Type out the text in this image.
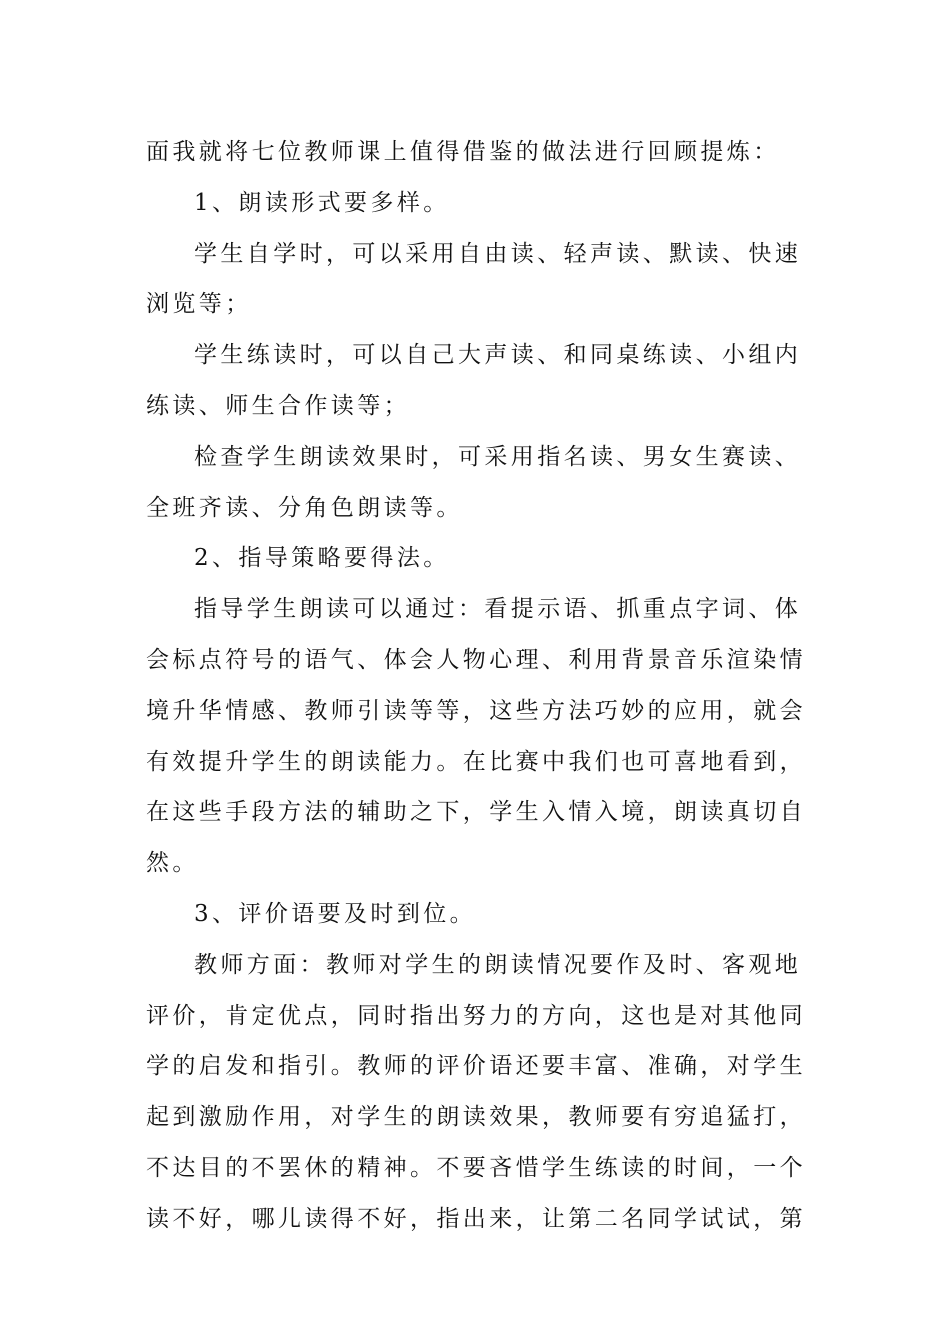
面我就将七位教师课上值得借鉴的做法进行回顾提炼：

1、朗读形式要多样。

学生自学时，可以采用自由读、轻声读、默读、快速

浏览等；

学生练读时，可以自己大声读、和同桌练读、小组内

练读、师生合作读等；

检查学生朗读效果时，可采用指名读、男女生赛读、

全班齐读、分角色朗读等。

2、指导策略要得法。

指导学生朗读可以通过：看提示语、抓重点字词、体

会标点符号的语气、体会人物心理、利用背景音乐渲染情

境升华情感、教师引读等等，这些方法巧妙的应用，就会

有效提升学生的朗读能力。在比赛中我们也可喜地看到，

在这些手段方法的辅助之下，学生入情入境，朗读真切自

然。

3、评价语要及时到位。

教师方面：教师对学生的朗读情况要作及时、客观地

评价，肯定优点，同时指出努力的方向，这也是对其他同

学的启发和指引。教师的评价语还要丰富、准确，对学生

起到激励作用，对学生的朗读效果，教师要有穷追猛打，

不达目的不罢休的精神。不要吝惜学生练读的时间，一个

读不好，哪儿读得不好，指出来，让第二名同学试试，第
